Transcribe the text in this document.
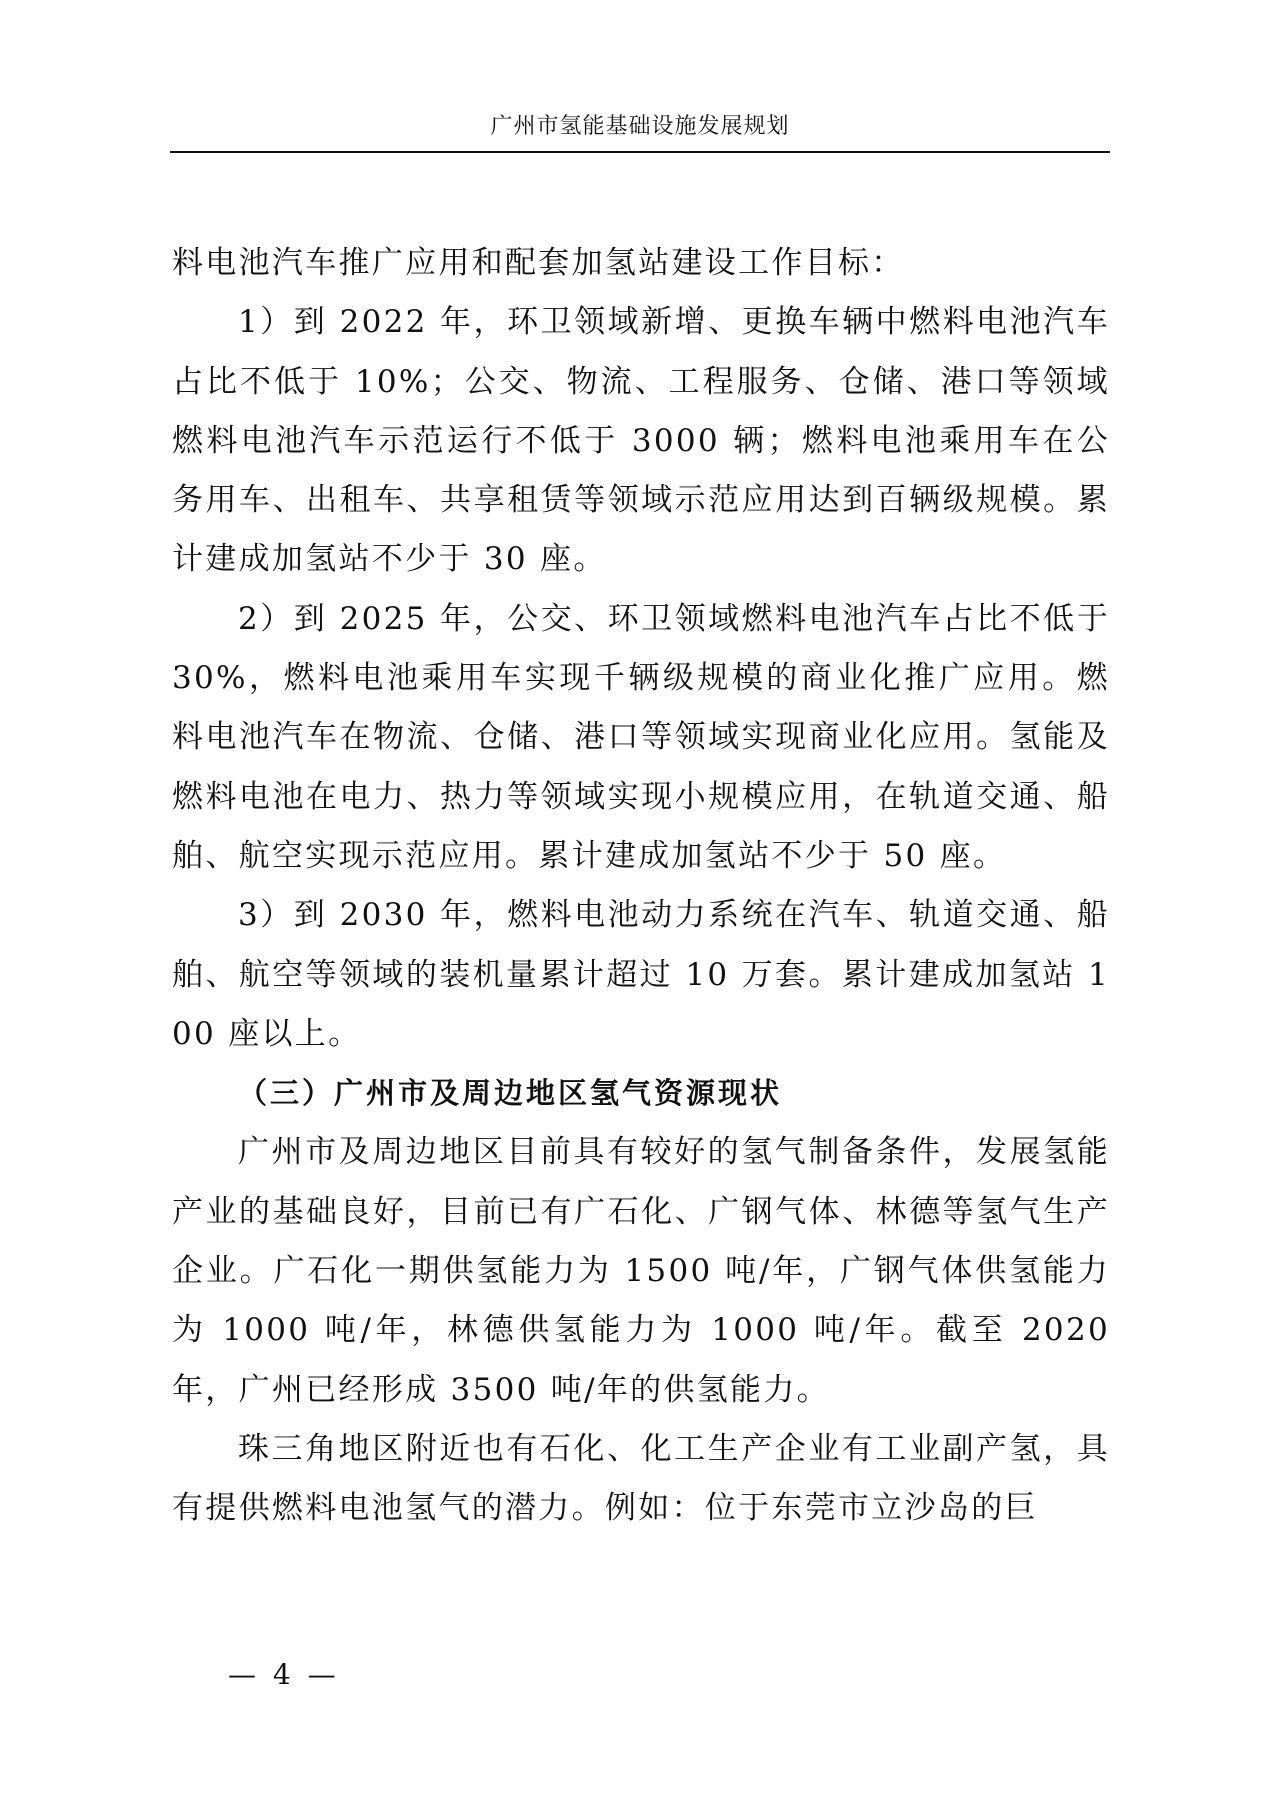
广州市氢能基础设施发展规划

料电池汽车推广应用和配套加氢站建设工作目标：

1）到 2022 年，环卫领域新增、更换车辆中燃料电池汽车占比不低于 10%；公交、物流、工程服务、仓储、港口等领域燃料电池汽车示范运行不低于 3000 辆；燃料电池乘用车在公务用车、出租车、共享租赁等领域示范应用达到百辆级规模。累计建成加氢站不少于 30 座。

2）到 2025 年，公交、环卫领域燃料电池汽车占比不低于 30%，燃料电池乘用车实现千辆级规模的商业化推广应用。燃料电池汽车在物流、仓储、港口等领域实现商业化应用。氢能及燃料电池在电力、热力等领域实现小规模应用，在轨道交通、船舶、航空实现示范应用。累计建成加氢站不少于 50 座。

3）到 2030 年，燃料电池动力系统在汽车、轨道交通、船舶、航空等领域的装机量累计超过 10 万套。累计建成加氢站 100 座以上。

（三）广州市及周边地区氢气资源现状

广州市及周边地区目前具有较好的氢气制备条件，发展氢能产业的基础良好，目前已有广石化、广钢气体、林德等氢气生产企业。广石化一期供氢能力为 1500 吨/年，广钢气体供氢能力为 1000 吨/年，林德供氢能力为 1000 吨/年。截至 2020 年，广州已经形成 3500 吨/年的供氢能力。

珠三角地区附近也有石化、化工生产企业有工业副产氢，具有提供燃料电池氢气的潜力。例如：位于东莞市立沙岛的巨

— 4 —
